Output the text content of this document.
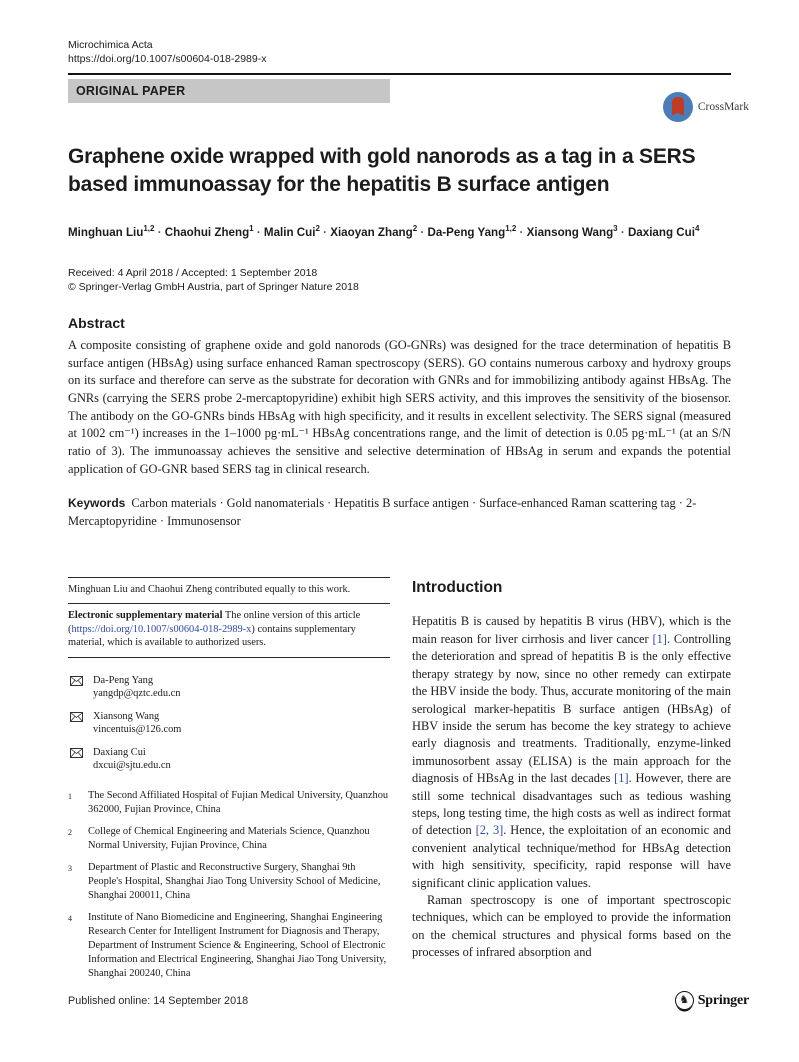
Microchimica Acta
https://doi.org/10.1007/s00604-018-2989-x
ORIGINAL PAPER
CrossMark
Graphene oxide wrapped with gold nanorods as a tag in a SERS based immunoassay for the hepatitis B surface antigen
Minghuan Liu$^{1,2}$ · Chaohui Zheng$^1$ · Malin Cui$^2$ · Xiaoyan Zhang$^2$ · Da-Peng Yang$^{1,2}$ · Xiansong Wang$^3$ · Daxiang Cui$^4$
Received: 4 April 2018 / Accepted: 1 September 2018
© Springer-Verlag GmbH Austria, part of Springer Nature 2018
Abstract

A composite consisting of graphene oxide and gold nanorods (GO-GNRs) was designed for the trace determination of hepatitis B surface antigen (HBsAg) using surface enhanced Raman spectroscopy (SERS). GO contains numerous carboxy and hydroxy groups on its surface and therefore can serve as the substrate for decoration with GNRs and for immobilizing antibody against HBsAg. The GNRs (carrying the SERS probe 2-mercaptopyridine) exhibit high SERS activity, and this improves the sensitivity of the biosensor. The antibody on the GO-GNRs binds HBsAg with high specificity, and it results in excellent selectivity. The SERS signal (measured at 1002 cm⁻¹) increases in the 1–1000 pg·mL⁻¹ HBsAg concentrations range, and the limit of detection is 0.05 pg·mL⁻¹ (at an S/N ratio of 3). The immunoassay achieves the sensitive and selective determination of HBsAg in serum and expands the potential application of GO-GNR based SERS tag in clinical research.

Keywords Carbon materials · Gold nanomaterials · Hepatitis B surface antigen · Surface-enhanced Raman scattering tag · 2-Mercaptopyridine · Immunosensor
Minghuan Liu and Chaohui Zheng contributed equally to this work.
Electronic supplementary material The online version of this article (https://doi.org/10.1007/s00604-018-2989-x) contains supplementary material, which is available to authorized users.
Da-Peng Yang
yangdp@qztc.edu.cn
Xiansong Wang
vincentuis@126.com
Daxiang Cui
dxcui@sjtu.edu.cn
1	The Second Affiliated Hospital of Fujian Medical University, Quanzhou 362000, Fujian Province, China
2	College of Chemical Engineering and Materials Science, Quanzhou Normal University, Fujian Province, China
3	Department of Plastic and Reconstructive Surgery, Shanghai 9th People's Hospital, Shanghai Jiao Tong University School of Medicine, Shanghai 200011, China
4	Institute of Nano Biomedicine and Engineering, Shanghai Engineering Research Center for Intelligent Instrument for Diagnosis and Therapy, Department of Instrument Science & Engineering, School of Electronic Information and Electrical Engineering, Shanghai Jiao Tong University, Shanghai 200240, China
Introduction

Hepatitis B is caused by hepatitis B virus (HBV), which is the main reason for liver cirrhosis and liver cancer [1]. Controlling the deterioration and spread of hepatitis B is the only effective therapy strategy by now, since no other remedy can extirpate the HBV inside the body. Thus, accurate monitoring of the main serological marker-hepatitis B surface antigen (HBsAg) of HBV inside the serum has become the key strategy to achieve early diagnosis and treatments. Traditionally, enzyme-linked immunosorbent assay (ELISA) is the main approach for the diagnosis of HBsAg in the last decades [1]. However, there are still some technical disadvantages such as tedious washing steps, long testing time, the high costs as well as indirect format of detection [2, 3]. Hence, the exploitation of an economic and convenient analytical technique/method for HBsAg detection with high sensitivity, specificity, rapid response will have significant clinic application values.

Raman spectroscopy is one of important spectroscopic techniques, which can be employed to provide the information on the chemical structures and physical forms based on the processes of infrared absorption and

Published online: 14 September 2018	♞ Springer
